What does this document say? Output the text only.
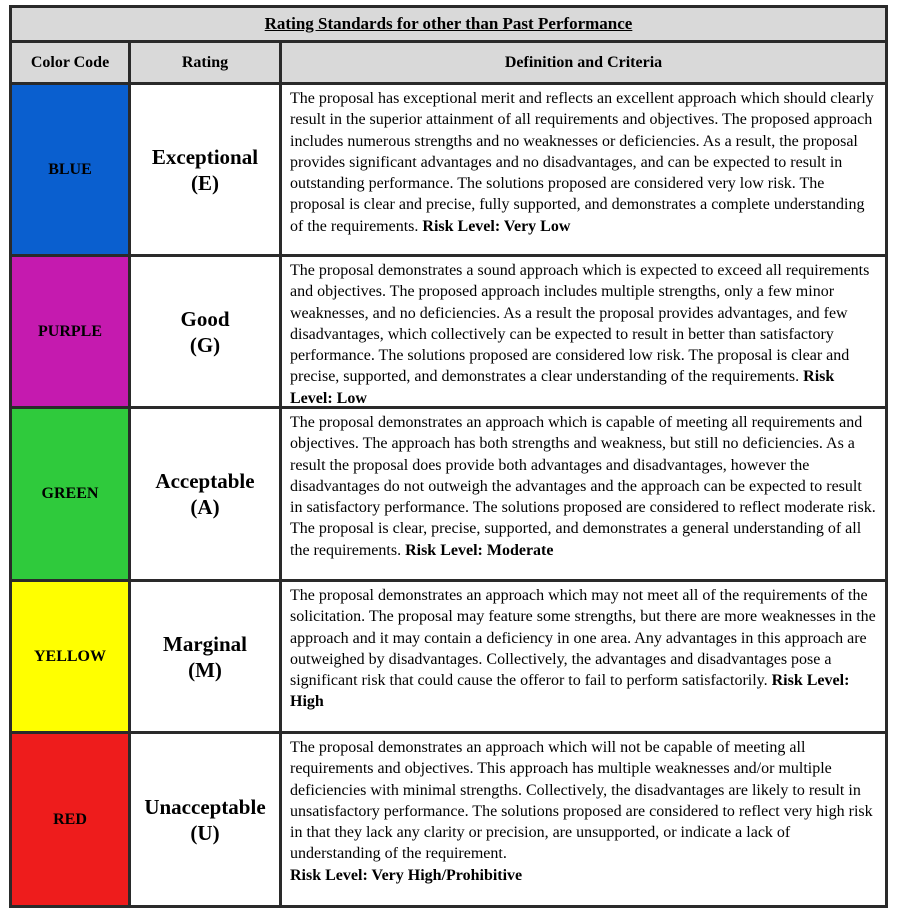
Rating Standards for other than Past Performance
Color Code	Rating	Definition and Criteria
BLUE
Exceptional
(E)
The proposal has exceptional merit and reflects an excellent approach which should clearly result in the superior attainment of all requirements and objectives. The proposed approach includes numerous strengths and no weaknesses or deficiencies. As a result, the proposal provides significant advantages and no disadvantages, and can be expected to result in outstanding performance. The solutions proposed are considered very low risk. The proposal is clear and precise, fully supported, and demonstrates a complete understanding of the requirements. Risk Level: Very Low
PURPLE
Good
(G)
The proposal demonstrates a sound approach which is expected to exceed all requirements and objectives. The proposed approach includes multiple strengths, only a few minor weaknesses, and no deficiencies. As a result the proposal provides advantages, and few disadvantages, which collectively can be expected to result in better than satisfactory performance. The solutions proposed are considered low risk. The proposal is clear and precise, supported, and demonstrates a clear understanding of the requirements. Risk Level: Low
GREEN
Acceptable
(A)
The proposal demonstrates an approach which is capable of meeting all requirements and objectives. The approach has both strengths and weakness, but still no deficiencies. As a result the proposal does provide both advantages and disadvantages, however the disadvantages do not outweigh the advantages and the approach can be expected to result in satisfactory performance. The solutions proposed are considered to reflect moderate risk. The proposal is clear, precise, supported, and demonstrates a general understanding of all the requirements. Risk Level: Moderate
YELLOW
Marginal
(M)
The proposal demonstrates an approach which may not meet all of the requirements of the solicitation. The proposal may feature some strengths, but there are more weaknesses in the approach and it may contain a deficiency in one area. Any advantages in this approach are outweighed by disadvantages. Collectively, the advantages and disadvantages pose a significant risk that could cause the offeror to fail to perform satisfactorily. Risk Level: High
RED
Unacceptable
(U)
The proposal demonstrates an approach which will not be capable of meeting all requirements and objectives. This approach has multiple weaknesses and/or multiple deficiencies with minimal strengths. Collectively, the disadvantages are likely to result in unsatisfactory performance. The solutions proposed are considered to reflect very high risk in that they lack any clarity or precision, are unsupported, or indicate a lack of understanding of the requirement.
Risk Level: Very High/Prohibitive
